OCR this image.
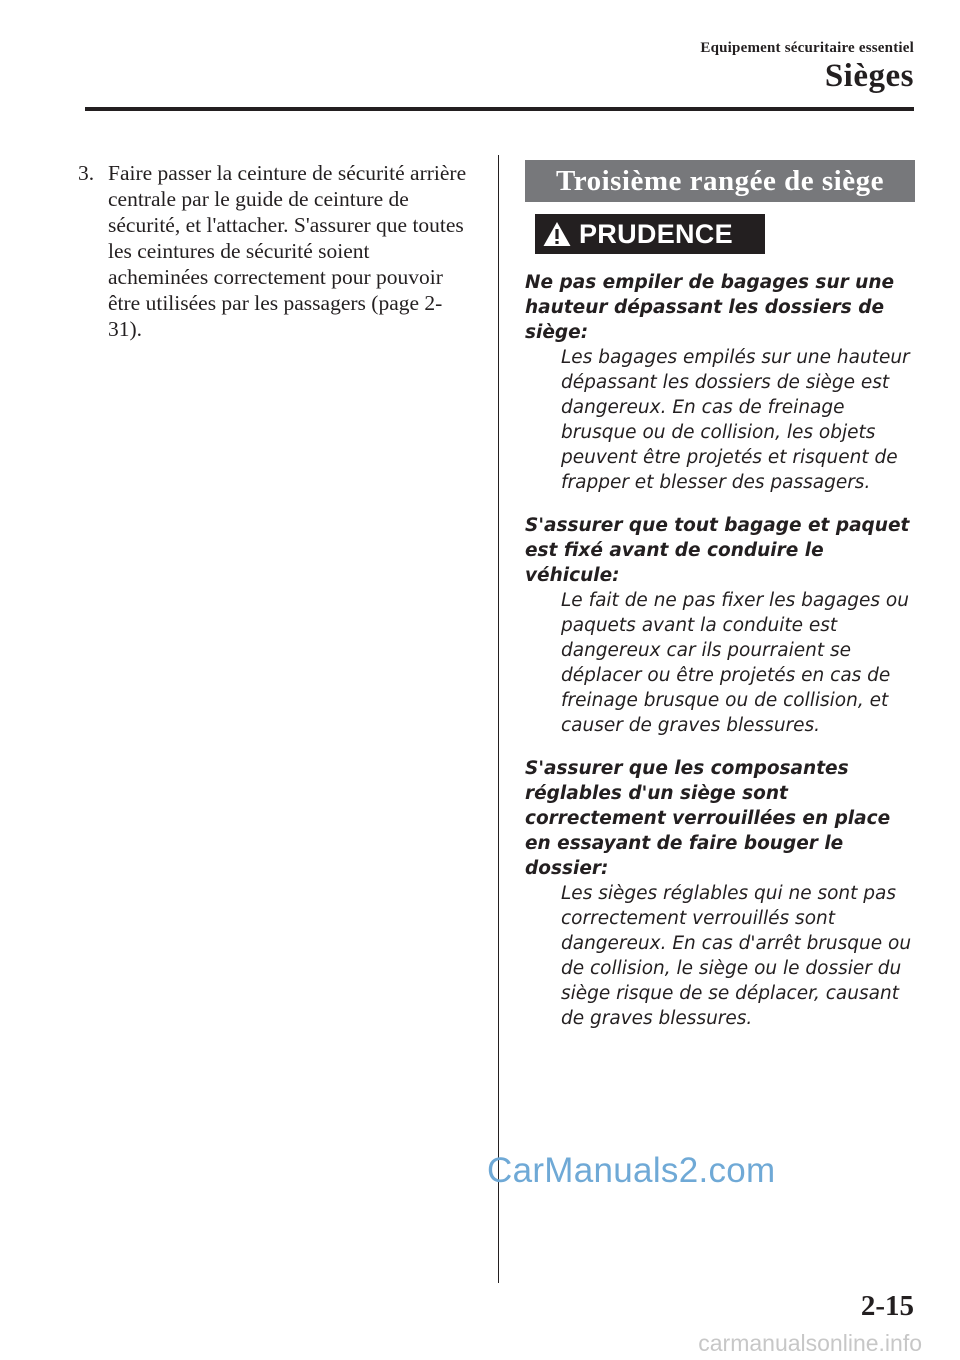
Equipement sécuritaire essentiel
Sièges
3. Faire passer la ceinture de sécurité arrière centrale par le guide de ceinture de sécurité, et l'attacher. S'assurer que toutes les ceintures de sécurité soient acheminées correctement pour pouvoir être utilisées par les passagers (page 2-31).
Troisième rangée de siège
PRUDENCE
Ne pas empiler de bagages sur une hauteur dépassant les dossiers de siège:
Les bagages empilés sur une hauteur dépassant les dossiers de siège est dangereux. En cas de freinage brusque ou de collision, les objets peuvent être projetés et risquent de frapper et blesser des passagers.
S'assurer que tout bagage et paquet est fixé avant de conduire le véhicule:
Le fait de ne pas fixer les bagages ou paquets avant la conduite est dangereux car ils pourraient se déplacer ou être projetés en cas de freinage brusque ou de collision, et causer de graves blessures.
S'assurer que les composantes réglables d'un siège sont correctement verrouillées en place en essayant de faire bouger le dossier:
Les sièges réglables qui ne sont pas correctement verrouillés sont dangereux. En cas d'arrêt brusque ou de collision, le siège ou le dossier du siège risque de se déplacer, causant de graves blessures.
CarManuals2.com
2-15
carmanualsonline.info
